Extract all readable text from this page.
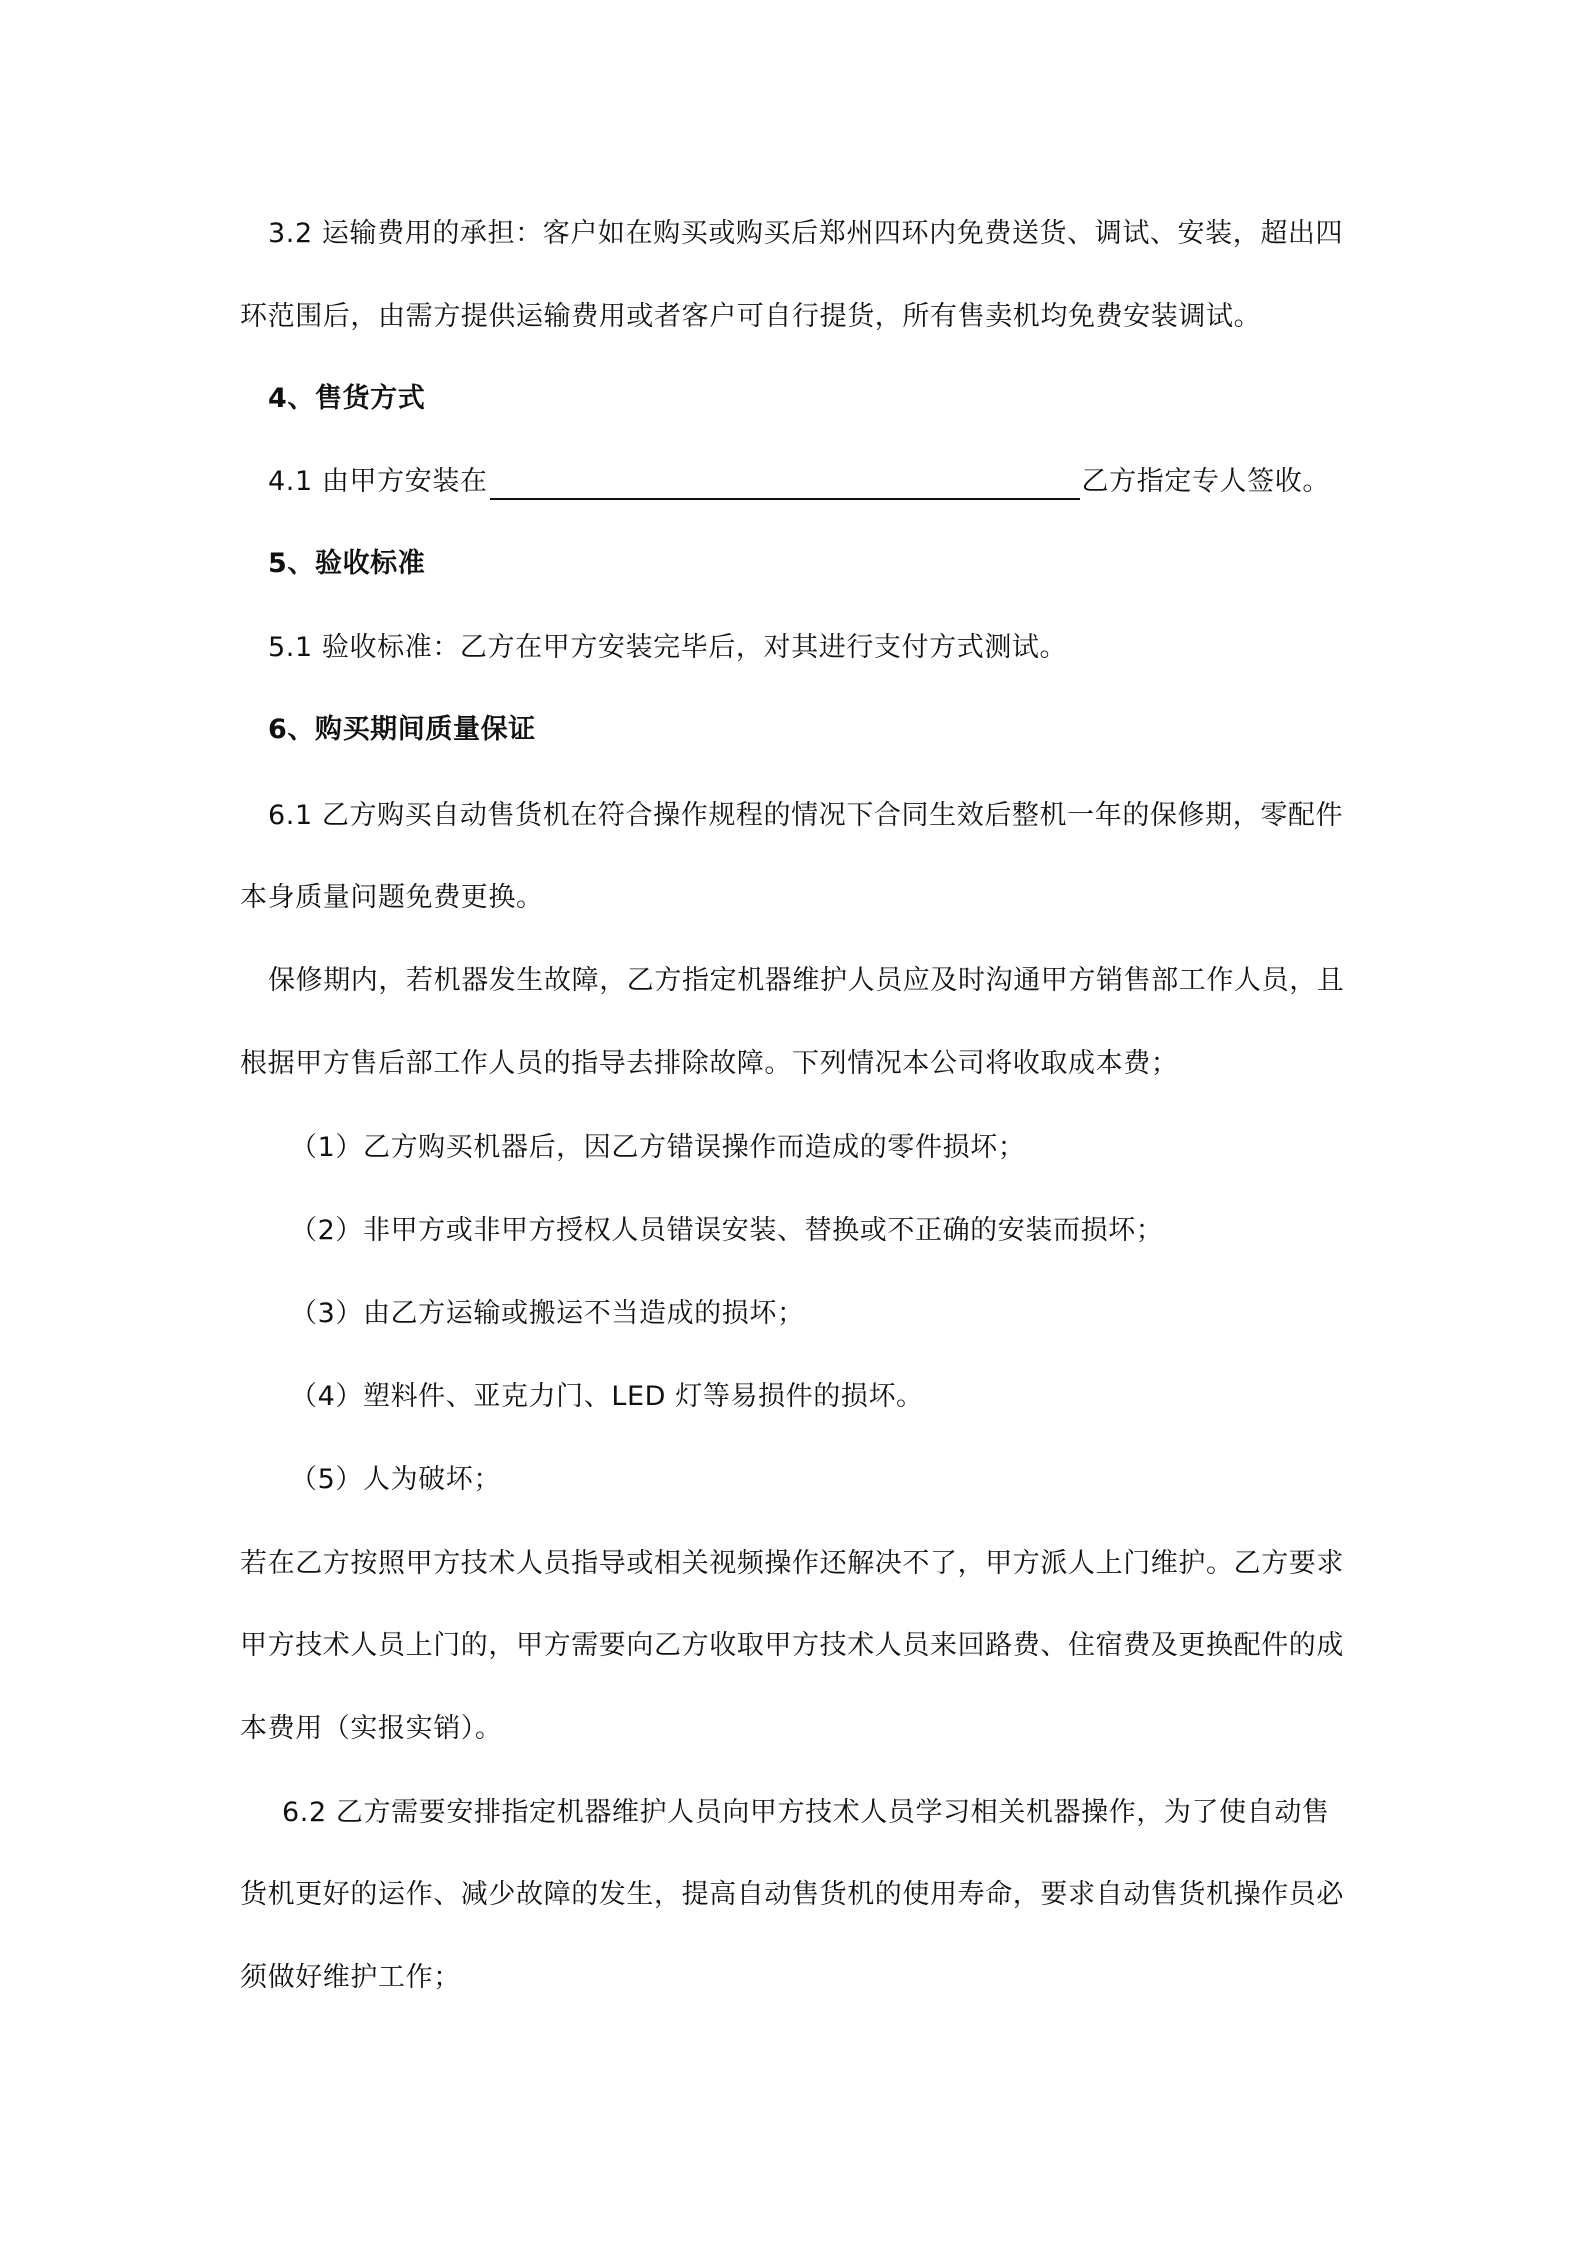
3.2 运输费用的承担：客户如在购买或购买后郑州四环内免费送货、调试、安装，超出四
环范围后，由需方提供运输费用或者客户可自行提货，所有售卖机均免费安装调试。
4、售货方式
4.1 由甲方安装在	乙方指定专人签收。
5、验收标准
5.1 验收标准：乙方在甲方安装完毕后，对其进行支付方式测试。
6、购买期间质量保证
6.1 乙方购买自动售货机在符合操作规程的情况下合同生效后整机一年的保修期，零配件
本身质量问题免费更换。
保修期内，若机器发生故障，乙方指定机器维护人员应及时沟通甲方销售部工作人员，且
根据甲方售后部工作人员的指导去排除故障。下列情况本公司将收取成本费；
（1）乙方购买机器后，因乙方错误操作而造成的零件损坏；
（2）非甲方或非甲方授权人员错误安装、替换或不正确的安装而损坏；
（3）由乙方运输或搬运不当造成的损坏；
（4）塑料件、亚克力门、LED 灯等易损件的损坏。
（5）人为破坏；
若在乙方按照甲方技术人员指导或相关视频操作还解决不了，甲方派人上门维护。乙方要求
甲方技术人员上门的，甲方需要向乙方收取甲方技术人员来回路费、住宿费及更换配件的成
本费用（实报实销）。
6.2 乙方需要安排指定机器维护人员向甲方技术人员学习相关机器操作，为了使自动售
货机更好的运作、减少故障的发生，提高自动售货机的使用寿命，要求自动售货机操作员必
须做好维护工作；
